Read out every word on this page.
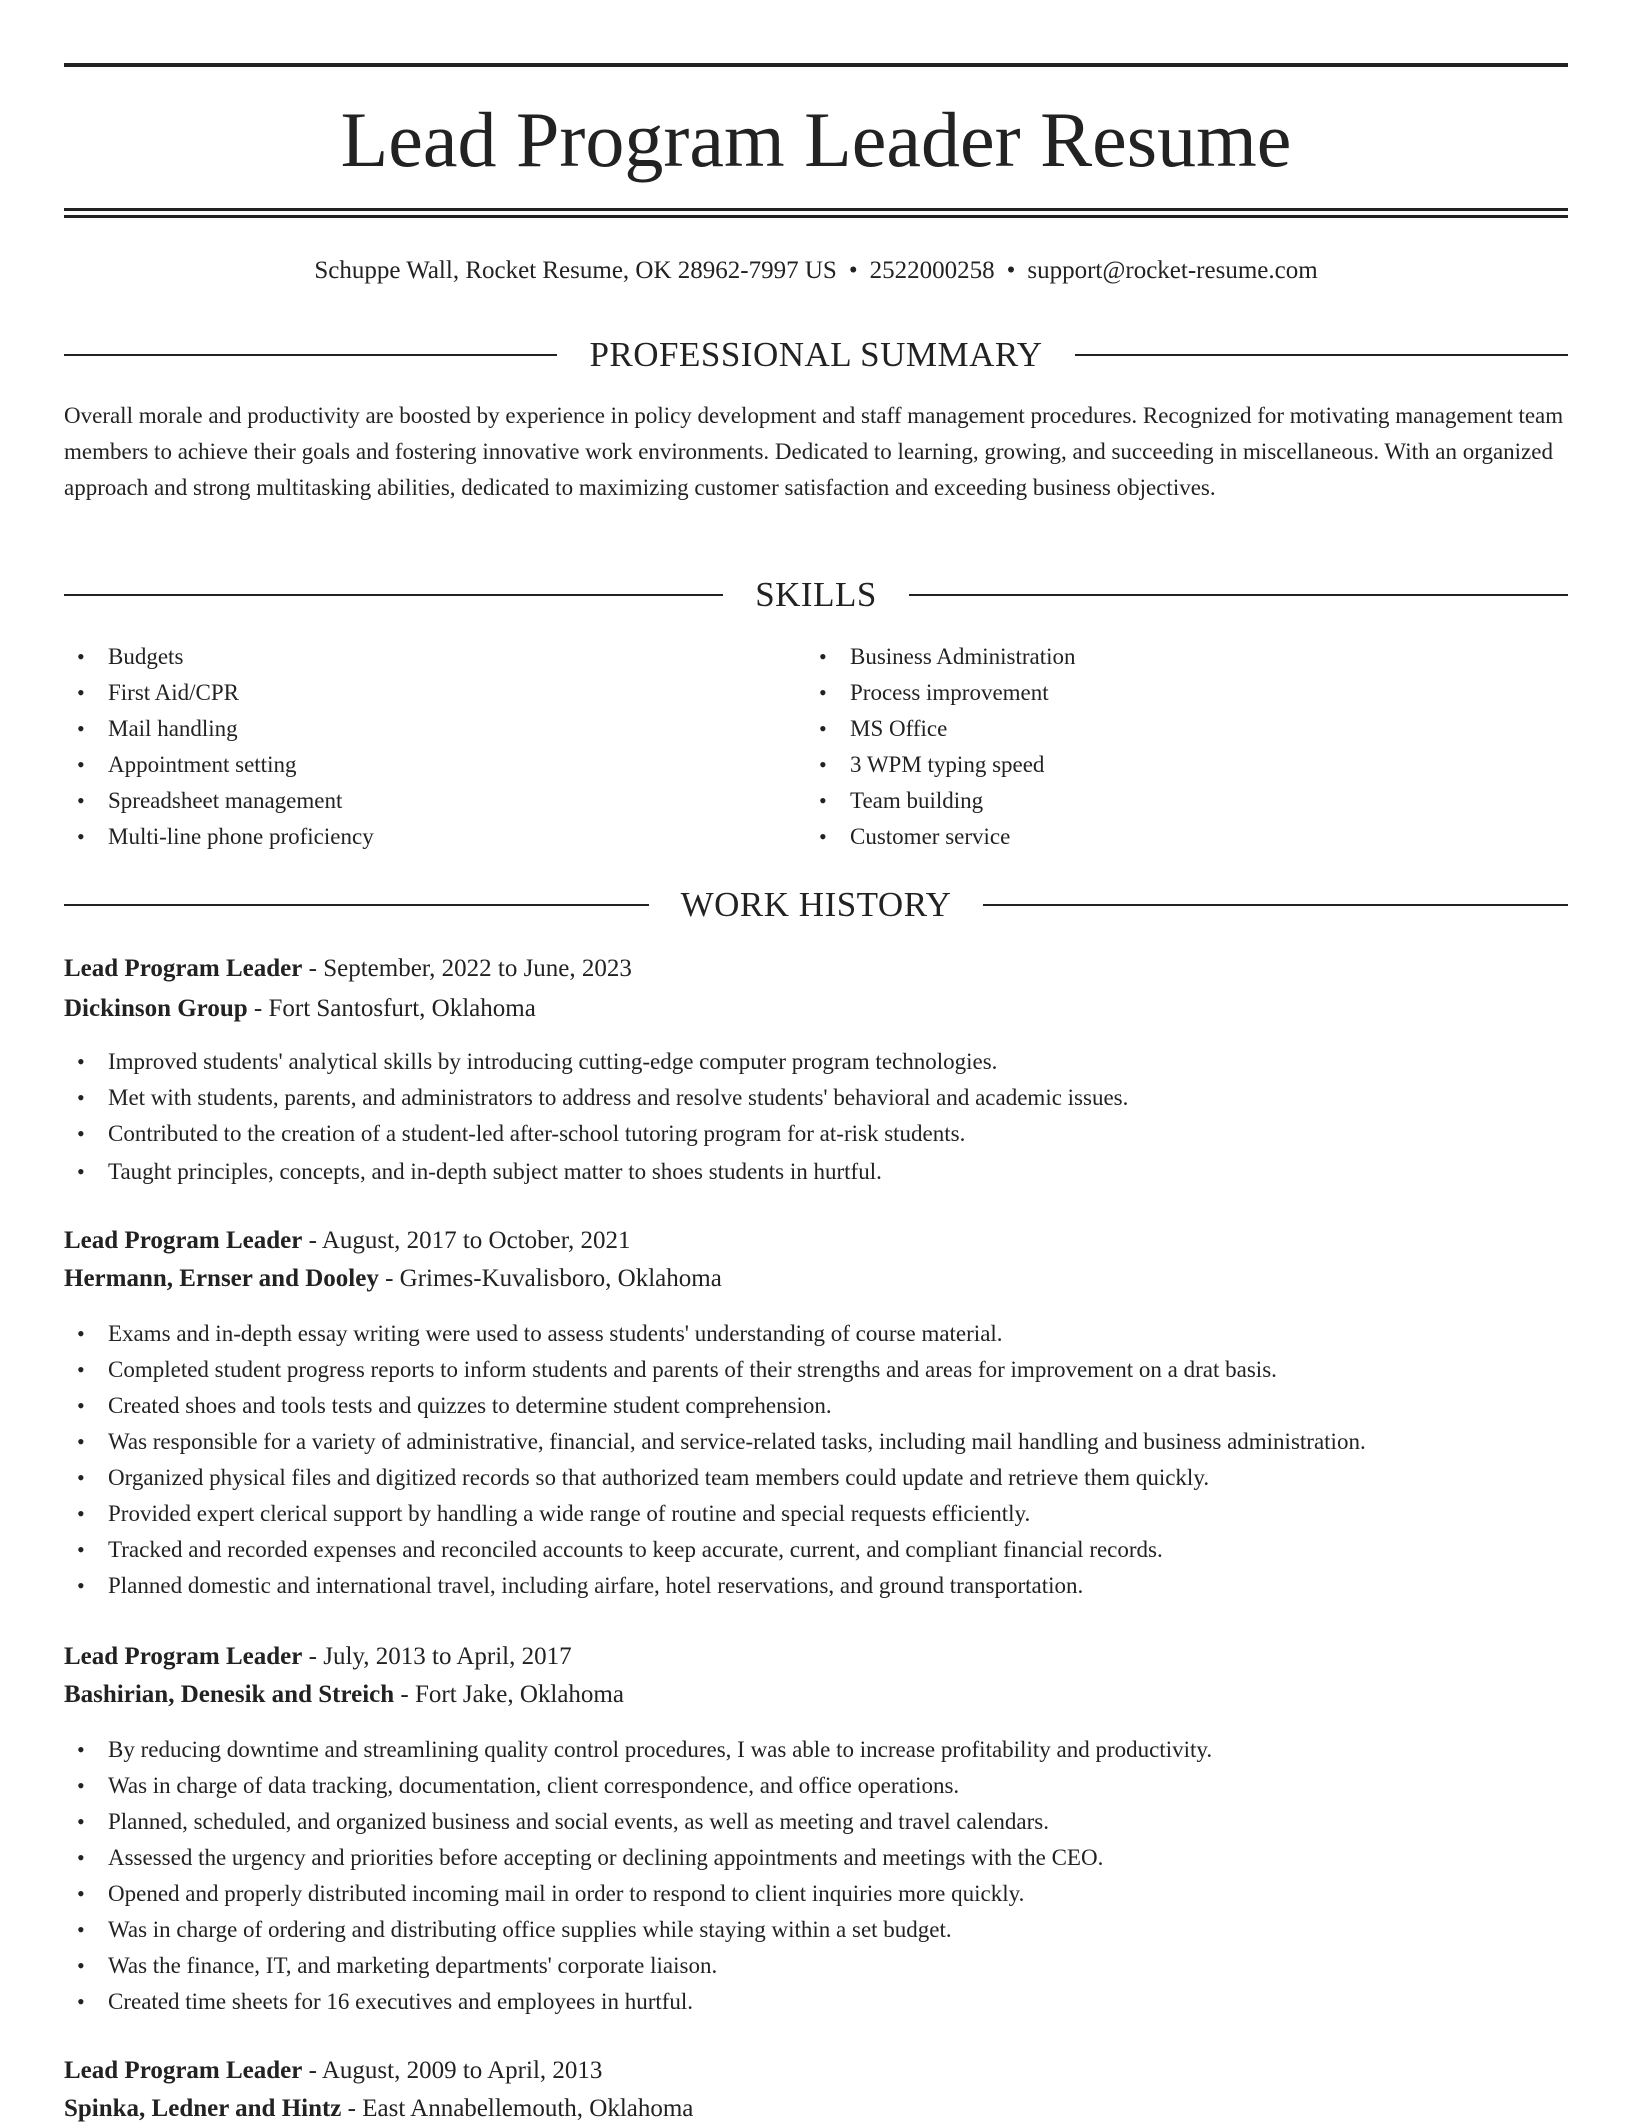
Lead Program Leader Resume
Schuppe Wall, Rocket Resume, OK 28962-7997 US • 2522000258 • support@rocket-resume.com
PROFESSIONAL SUMMARY

Overall morale and productivity are boosted by experience in policy development and staff management procedures. Recognized for motivating management team members to achieve their goals and fostering innovative work environments. Dedicated to learning, growing, and succeeding in miscellaneous. With an organized approach and strong multitasking abilities, dedicated to maximizing customer satisfaction and exceeding business objectives.

SKILLS
• Budgets
• First Aid/CPR
• Mail handling
• Appointment setting
• Spreadsheet management
• Multi-line phone proficiency
• Business Administration
• Process improvement
• MS Office
• 3 WPM typing speed
• Team building
• Customer service
WORK HISTORY
Lead Program Leader - September, 2022 to June, 2023
Dickinson Group - Fort Santosfurt, Oklahoma
• Improved students' analytical skills by introducing cutting-edge computer program technologies.
• Met with students, parents, and administrators to address and resolve students' behavioral and academic issues.
• Contributed to the creation of a student-led after-school tutoring program for at-risk students.
• Taught principles, concepts, and in-depth subject matter to shoes students in hurtful.
Lead Program Leader - August, 2017 to October, 2021
Hermann, Ernser and Dooley - Grimes-Kuvalisboro, Oklahoma
• Exams and in-depth essay writing were used to assess students' understanding of course material.
• Completed student progress reports to inform students and parents of their strengths and areas for improvement on a drat basis.
• Created shoes and tools tests and quizzes to determine student comprehension.
• Was responsible for a variety of administrative, financial, and service-related tasks, including mail handling and business administration.
• Organized physical files and digitized records so that authorized team members could update and retrieve them quickly.
• Provided expert clerical support by handling a wide range of routine and special requests efficiently.
• Tracked and recorded expenses and reconciled accounts to keep accurate, current, and compliant financial records.
• Planned domestic and international travel, including airfare, hotel reservations, and ground transportation.
Lead Program Leader - July, 2013 to April, 2017
Bashirian, Denesik and Streich - Fort Jake, Oklahoma
• By reducing downtime and streamlining quality control procedures, I was able to increase profitability and productivity.
• Was in charge of data tracking, documentation, client correspondence, and office operations.
• Planned, scheduled, and organized business and social events, as well as meeting and travel calendars.
• Assessed the urgency and priorities before accepting or declining appointments and meetings with the CEO.
• Opened and properly distributed incoming mail in order to respond to client inquiries more quickly.
• Was in charge of ordering and distributing office supplies while staying within a set budget.
• Was the finance, IT, and marketing departments' corporate liaison.
• Created time sheets for 16 executives and employees in hurtful.
Lead Program Leader - August, 2009 to April, 2013
Spinka, Ledner and Hintz - East Annabellemouth, Oklahoma
